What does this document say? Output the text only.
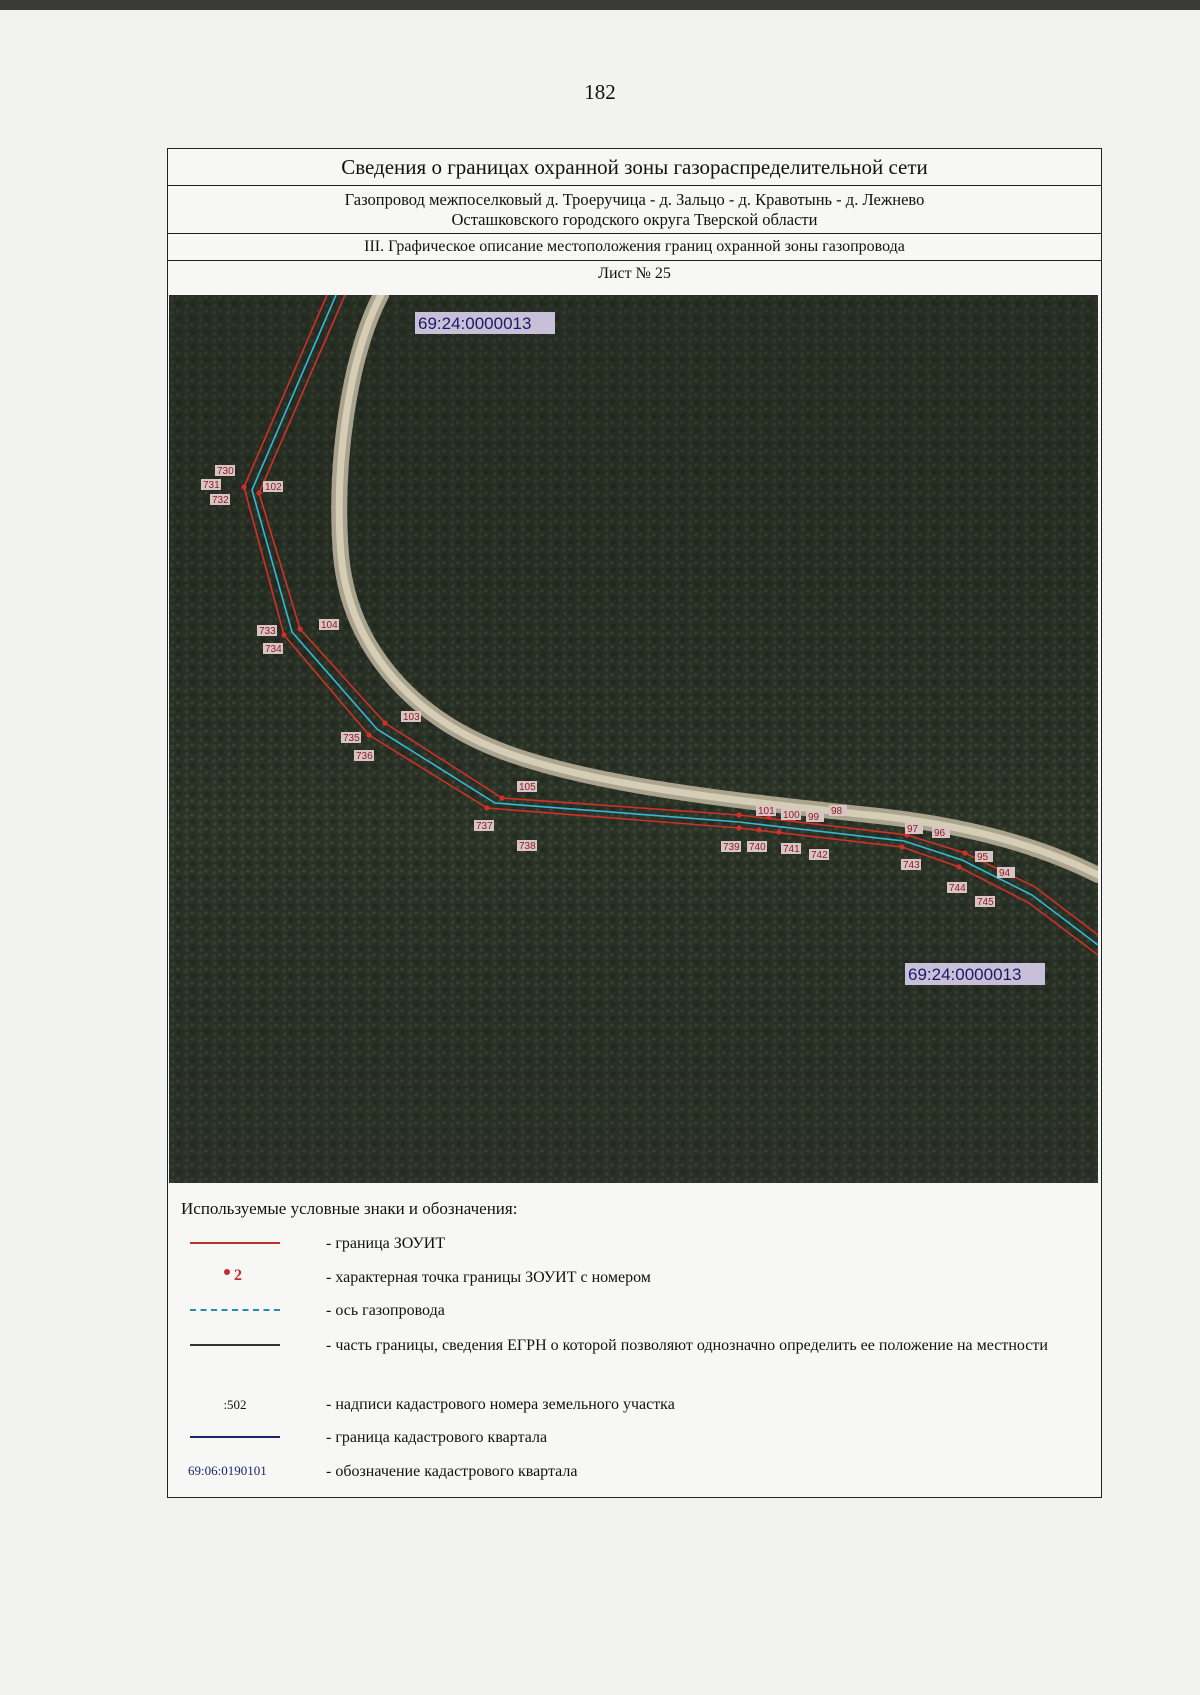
182
Сведения о границах охранной зоны газораспределительной сети
Газопровод межпоселковый д. Троеручица - д. Зальцо - д. Кравотынь - д. Лежнево
Осташковского городского округа Тверской области
III. Графическое описание местоположения границ охранной зоны газопровода
Лист № 25
730
731
732
102
733
734
104
735
736
103
737
738
105
101 100 99
98
739 740 741
742
97 96
743
744
95
94
745
69:24:0000013
69:24:0000013
Используемые условные знаки и обозначения:
- граница ЗОУИТ
2	- характерная точка границы ЗОУИТ с номером
- ось газопровода
- часть границы, сведения ЕГРН о которой позволяют однозначно определить ее положение на местности
:502	- надписи кадастрового номера земельного участка
- граница кадастрового квартала
69:06:0190101	- обозначение кадастрового квартала
